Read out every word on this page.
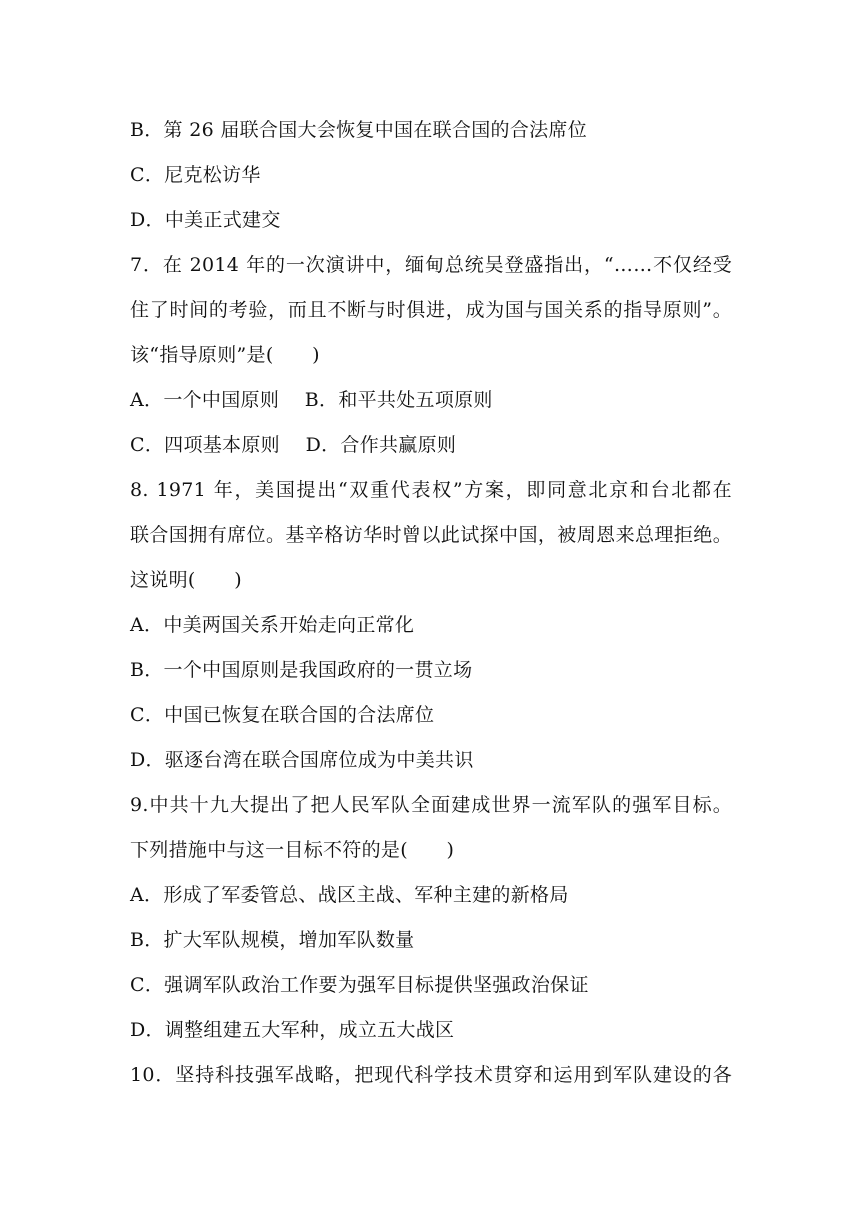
B．第 26 届联合国大会恢复中国在联合国的合法席位
C．尼克松访华
D．中美正式建交
7．在 2014 年的一次演讲中，缅甸总统吴登盛指出，“……不仅经受
住了时间的考验，而且不断与时俱进，成为国与国关系的指导原则”。
该“指导原则”是(　　)
A．一个中国原则　 B．和平共处五项原则
C．四项基本原则　 D．合作共赢原则
8. 1971 年，美国提出“双重代表权”方案，即同意北京和台北都在
联合国拥有席位。基辛格访华时曾以此试探中国，被周恩来总理拒绝。
这说明(　　)
A．中美两国关系开始走向正常化
B．一个中国原则是我国政府的一贯立场
C．中国已恢复在联合国的合法席位
D．驱逐台湾在联合国席位成为中美共识
9.中共十九大提出了把人民军队全面建成世界一流军队的强军目标。
下列措施中与这一目标不符的是(　　)
A．形成了军委管总、战区主战、军种主建的新格局
B．扩大军队规模，增加军队数量
C．强调军队政治工作要为强军目标提供坚强政治保证
D．调整组建五大军种，成立五大战区
10．坚持科技强军战略，把现代科学技术贯穿和运用到军队建设的各
